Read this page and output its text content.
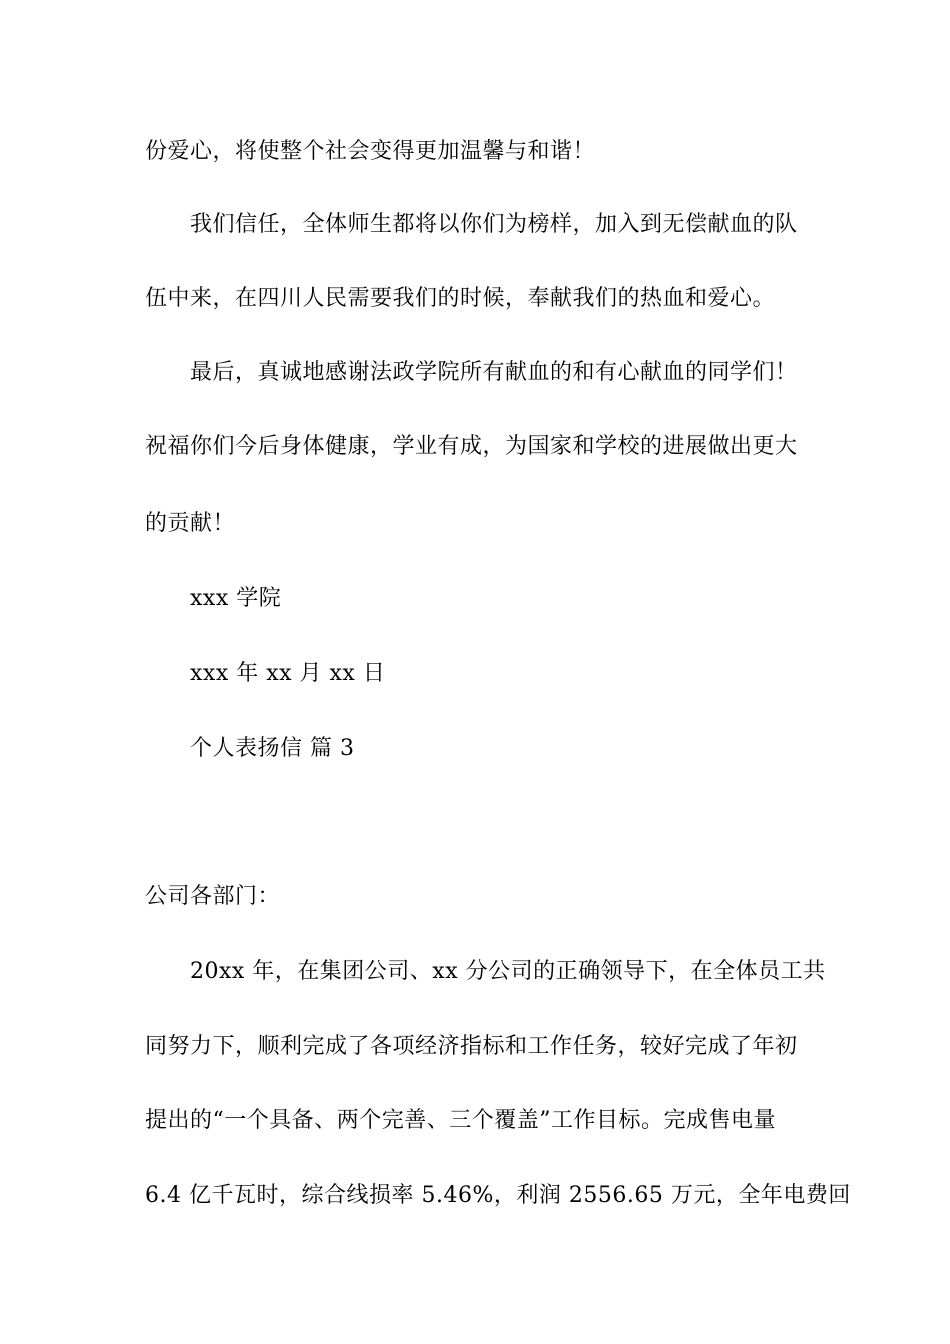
份爱心，将使整个社会变得更加温馨与和谐！
我们信任，全体师生都将以你们为榜样，加入到无偿献血的队
伍中来，在四川人民需要我们的时候，奉献我们的热血和爱心。
最后，真诚地感谢法政学院所有献血的和有心献血的同学们！
祝福你们今后身体健康，学业有成，为国家和学校的进展做出更大
的贡献！
xxx 学院
xxx 年 xx 月 xx 日
个人表扬信 篇 3
公司各部门：
20xx 年，在集团公司、xx 分公司的正确领导下，在全体员工共
同努力下，顺利完成了各项经济指标和工作任务，较好完成了年初
提出的“一个具备、两个完善、三个覆盖”工作目标。完成售电量
6.4 亿千瓦时，综合线损率 5.46%，利润 2556.65 万元，全年电费回
